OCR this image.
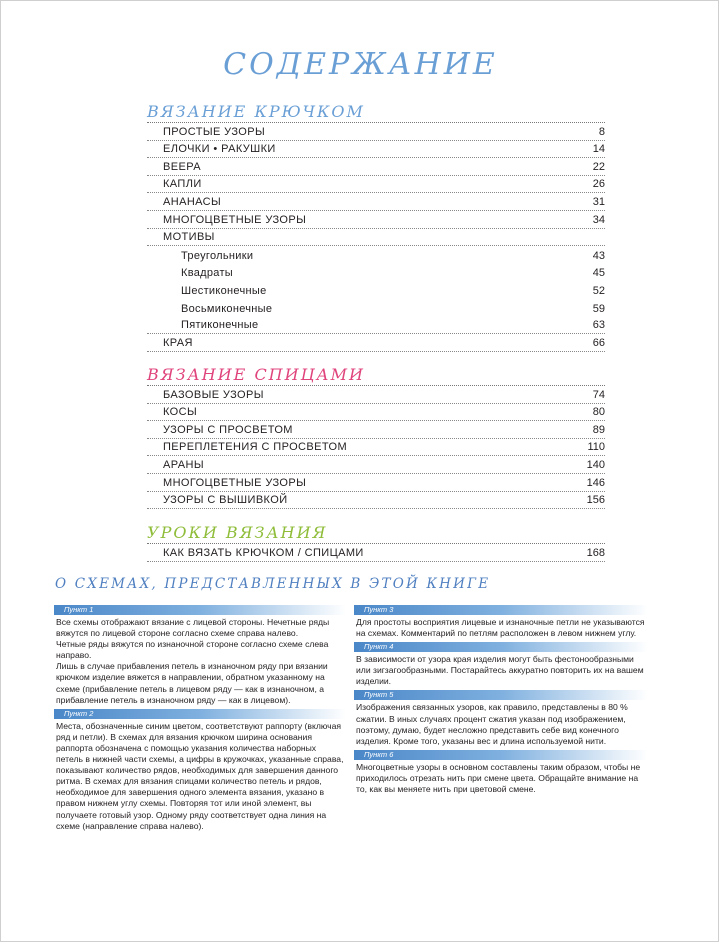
СОДЕРЖАНИЕ
ВЯЗАНИЕ КРЮЧКОМ
ПРОСТЫЕ УЗОРЫ	8
ЕЛОЧКИ • РАКУШКИ	14
ВЕЕРА	22
КАПЛИ	26
АНАНАСЫ	31
МНОГОЦВЕТНЫЕ УЗОРЫ	34
МОТИВЫ
Треугольники	43
Квадраты	45
Шестиконечные	52
Восьмиконечные	59
Пятиконечные	63
КРАЯ	66
ВЯЗАНИЕ СПИЦАМИ
БАЗОВЫЕ УЗОРЫ	74
КОСЫ	80
УЗОРЫ С ПРОСВЕТОМ	89
ПЕРЕПЛЕТЕНИЯ С ПРОСВЕТОМ	110
АРАНЫ	140
МНОГОЦВЕТНЫЕ УЗОРЫ	146
УЗОРЫ С ВЫШИВКОЙ	156
УРОКИ ВЯЗАНИЯ
КАК ВЯЗАТЬ КРЮЧКОМ / СПИЦАМИ	168
О СХЕМАХ, ПРЕДСТАВЛЕННЫХ В ЭТОЙ КНИГЕ
Пункт 1
Все схемы отображают вязание с лицевой стороны. Нечетные ряды вяжутся по лицевой стороне согласно схеме справа налево.
Четные ряды вяжутся по изнаночной стороне согласно схеме слева направо.
Лишь в случае прибавления петель в изнаночном ряду при вязании крючком изделие вяжется в направлении, обратном указанному на схеме (прибавление петель в лицевом ряду — как в изнаночном, а прибавление петель в изнаночном ряду — как в лицевом).
Пункт 2
Места, обозначенные синим цветом, соответствуют раппорту (включая ряд и петли). В схемах для вязания крючком ширина основания раппорта обозначена с помощью указания количества наборных петель в нижней части схемы, а цифры в кружочках, указанные справа, показывают количество рядов, необходимых для завершения данного ритма. В схемах для вязания спицами количество петель и рядов, необходимое для завершения одного элемента вязания, указано в правом нижнем углу схемы. Повторяя тот или иной элемент, вы получаете готовый узор. Одному ряду соответствует одна линия на схеме (направление справа налево).
Пункт 3
Для простоты восприятия лицевые и изнаночные петли не указываются на схемах. Комментарий по петлям расположен в левом нижнем углу.
Пункт 4
В зависимости от узора края изделия могут быть фестонообразными или зигзагообразными. Постарайтесь аккуратно повторить их на вашем изделии.
Пункт 5
Изображения связанных узоров, как правило, представлены в 80 % сжатии. В иных случаях процент сжатия указан под изображением, поэтому, думаю, будет несложно представить себе вид конечного изделия. Кроме того, указаны вес и длина используемой нити.
Пункт 6
Многоцветные узоры в основном составлены таким образом, чтобы не приходилось отрезать нить при смене цвета. Обращайте внимание на то, как вы меняете нить при цветовой смене.
